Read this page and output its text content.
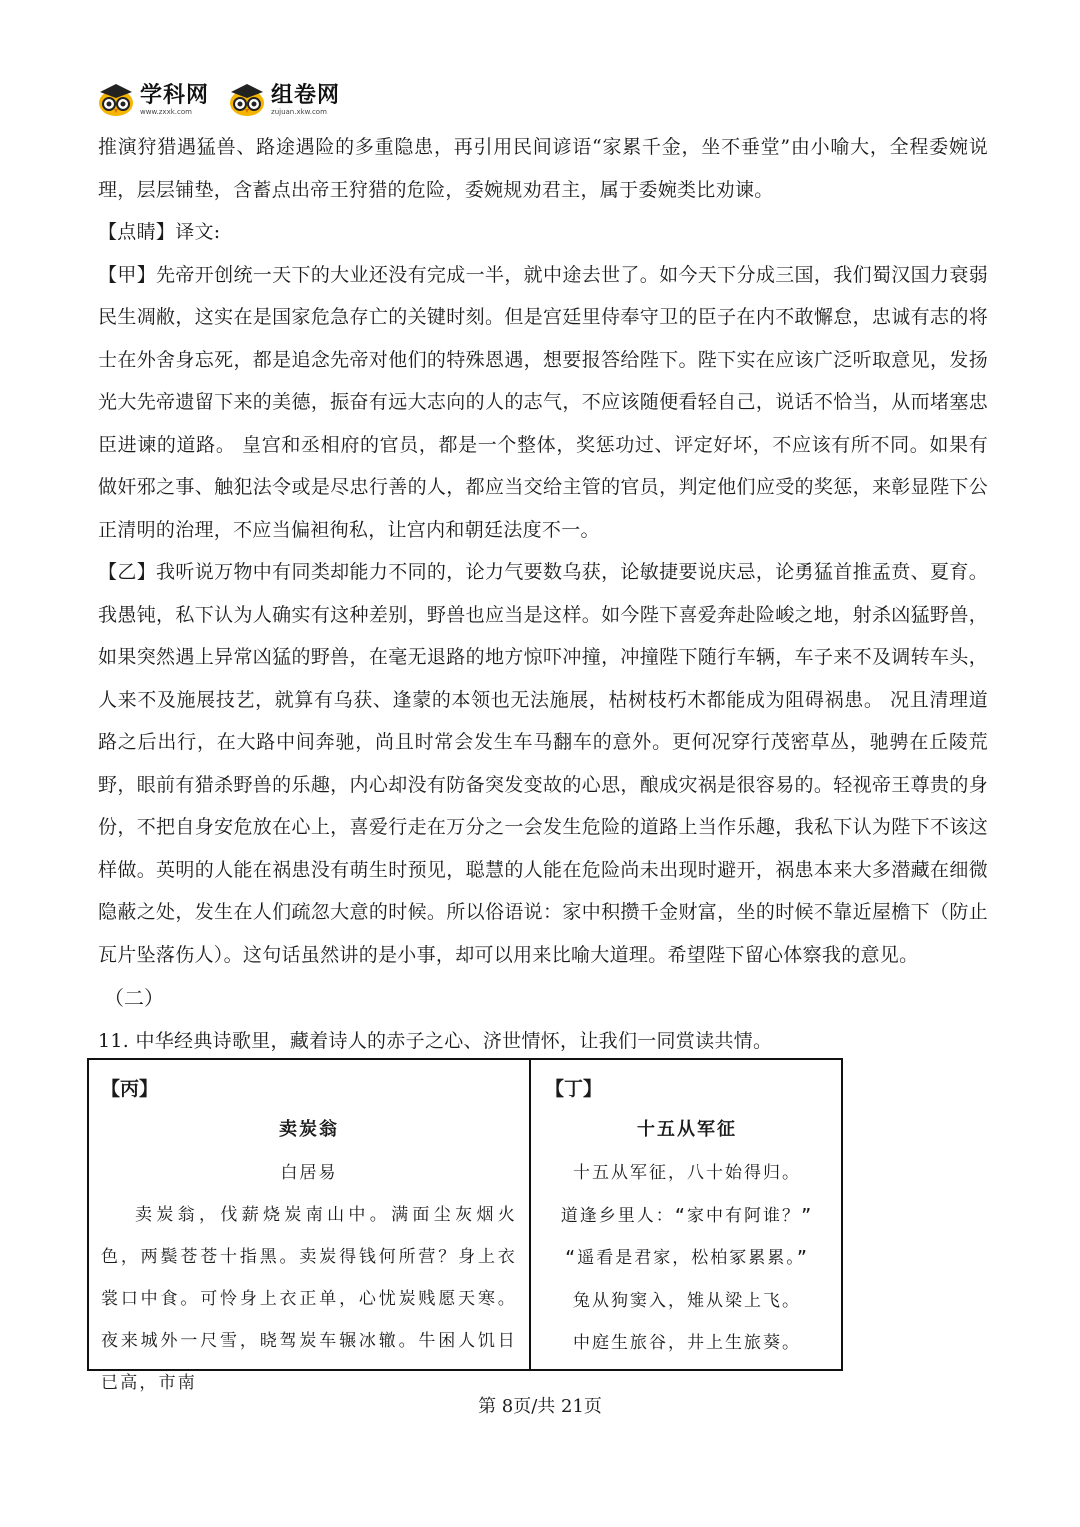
学科网
www.zxxk.com
组卷网
zujuan.xkw.com

推演狩猎遇猛兽、路途遇险的多重隐患，再引用民间谚语“家累千金，坐不垂堂”由小喻大，全程委婉说理，层层铺垫，含蓄点出帝王狩猎的危险，委婉规劝君主，属于委婉类比劝谏。

【点睛】译文:

【甲】先帝开创统一天下的大业还没有完成一半，就中途去世了。如今天下分成三国，我们蜀汉国力衰弱民生凋敝，这实在是国家危急存亡的关键时刻。但是宫廷里侍奉守卫的臣子在内不敢懈怠，忠诚有志的将士在外舍身忘死，都是追念先帝对他们的特殊恩遇，想要报答给陛下。陛下实在应该广泛听取意见，发扬光大先帝遗留下来的美德，振奋有远大志向的人的志气，不应该随便看轻自己，说话不恰当，从而堵塞忠臣进谏的道路。 皇宫和丞相府的官员，都是一个整体，奖惩功过、评定好坏，不应该有所不同。如果有做奸邪之事、触犯法令或是尽忠行善的人，都应当交给主管的官员，判定他们应受的奖惩，来彰显陛下公正清明的治理，不应当偏袒徇私，让宫内和朝廷法度不一。

【乙】我听说万物中有同类却能力不同的，论力气要数乌获，论敏捷要说庆忌，论勇猛首推孟贲、夏育。我愚钝，私下认为人确实有这种差别，野兽也应当是这样。如今陛下喜爱奔赴险峻之地，射杀凶猛野兽，如果突然遇上异常凶猛的野兽，在毫无退路的地方惊吓冲撞，冲撞陛下随行车辆，车子来不及调转车头，人来不及施展技艺，就算有乌获、逢蒙的本领也无法施展，枯树枝朽木都能成为阻碍祸患。 况且清理道路之后出行，在大路中间奔驰，尚且时常会发生车马翻车的意外。更何况穿行茂密草丛，驰骋在丘陵荒野，眼前有猎杀野兽的乐趣，内心却没有防备突发变故的心思，酿成灾祸是很容易的。轻视帝王尊贵的身份，不把自身安危放在心上，喜爱行走在万分之一会发生危险的道路上当作乐趣，我私下认为陛下不该这样做。英明的人能在祸患没有萌生时预见，聪慧的人能在危险尚未出现时避开，祸患本来大多潜藏在细微隐蔽之处，发生在人们疏忽大意的时候。所以俗语说：家中积攒千金财富，坐的时候不靠近屋檐下（防止瓦片坠落伤人）。这句话虽然讲的是小事，却可以用来比喻大道理。希望陛下留心体察我的意见。

（二）

11. 中华经典诗歌里，藏着诗人的赤子之心、济世情怀，让我们一同赏读共情。

【丙】
卖炭翁
白居易
卖炭翁，伐薪烧炭南山中。满面尘灰烟火色，两鬓苍苍十指黑。卖炭得钱何所营？身上衣裳口中食。可怜身上衣正单，心忧炭贱愿天寒。夜来城外一尺雪，晓驾炭车辗冰辙。牛困人饥日已高，市南
【丁】
十五从军征
十五从军征，八十始得归。
道逢乡里人：“家中有阿谁？”
“遥看是君家，松柏冢累累。”
兔从狗窦入，雉从梁上飞。
中庭生旅谷，井上生旅葵。
第 8页/共 21页
